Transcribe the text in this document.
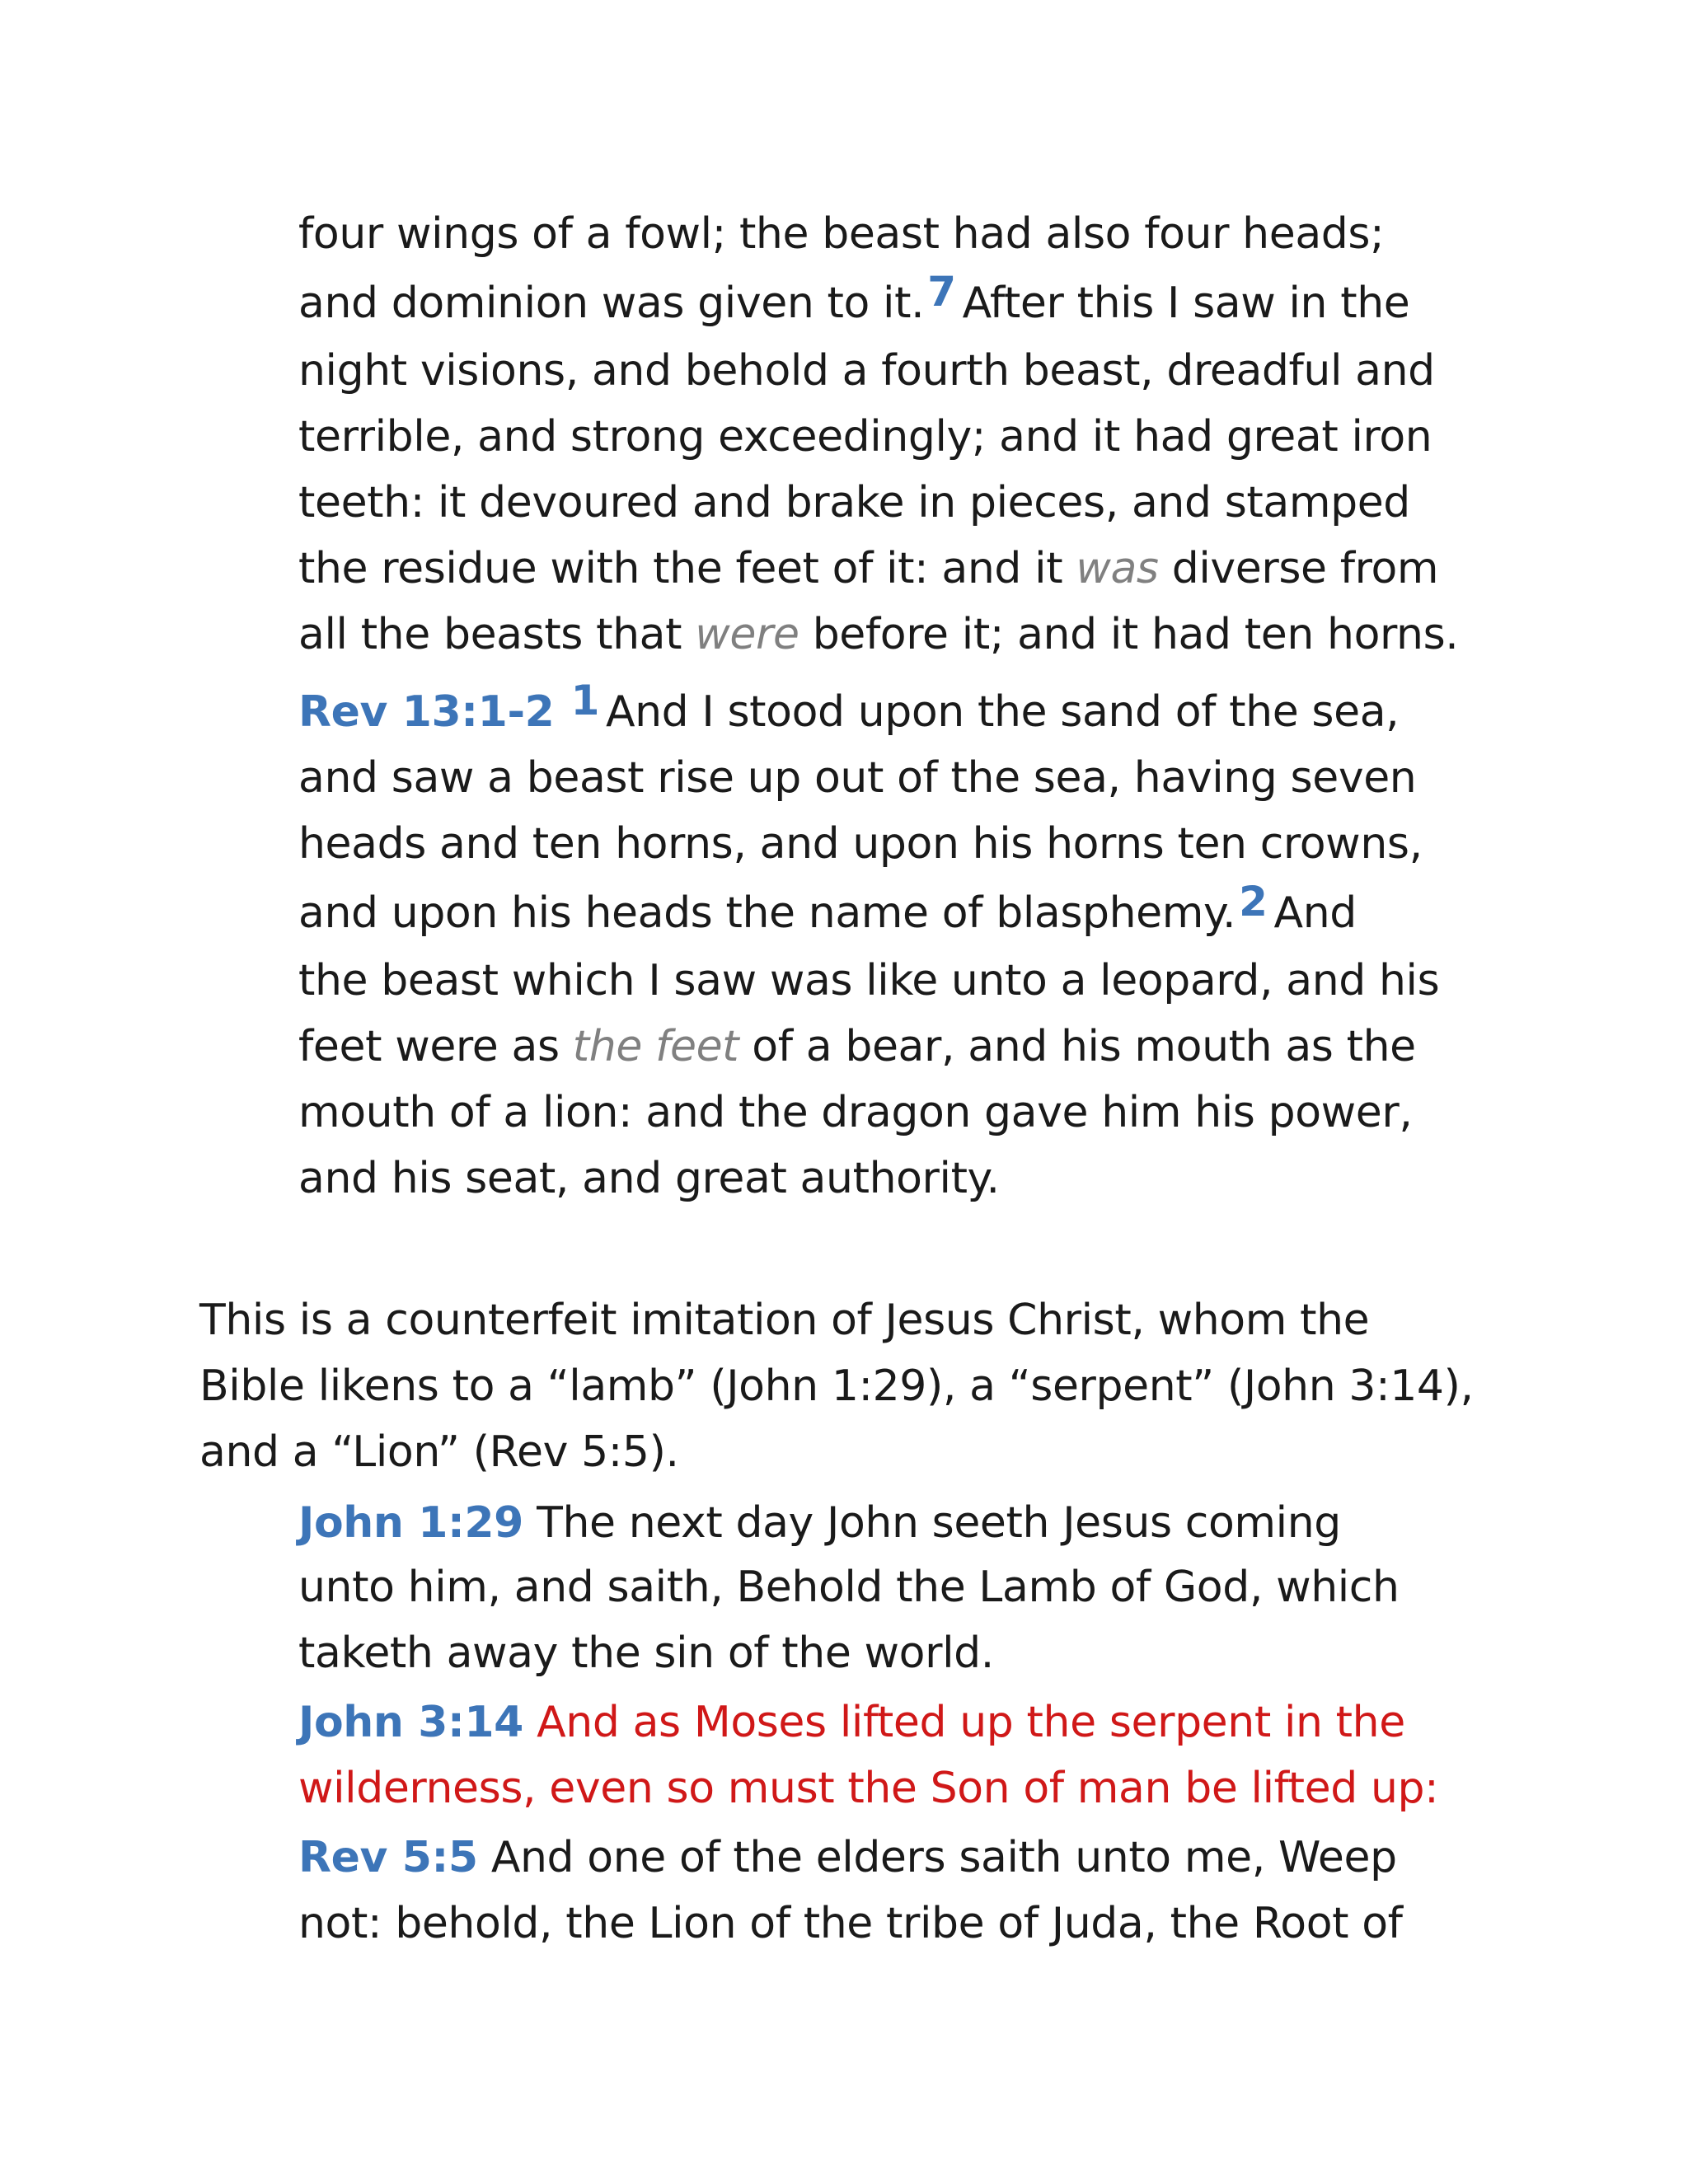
four wings of a fowl; the beast had also four heads;
and dominion was given to it.7 After this I saw in the
night visions, and behold a fourth beast, dreadful and
terrible, and strong exceedingly; and it had great iron
teeth: it devoured and brake in pieces, and stamped
the residue with the feet of it: and it was diverse from
all the beasts that were before it; and it had ten horns.
Rev 13:1-2 1 And I stood upon the sand of the sea,
and saw a beast rise up out of the sea, having seven
heads and ten horns, and upon his horns ten crowns,
and upon his heads the name of blasphemy.2 And
the beast which I saw was like unto a leopard, and his
feet were as the feet of a bear, and his mouth as the
mouth of a lion: and the dragon gave him his power,
and his seat, and great authority.
This is a counterfeit imitation of Jesus Christ, whom the
Bible likens to a “lamb” (John 1:29), a “serpent” (John 3:14),
and a “Lion” (Rev 5:5).
John 1:29 The next day John seeth Jesus coming
unto him, and saith, Behold the Lamb of God, which
taketh away the sin of the world.
John 3:14 And as Moses lifted up the serpent in the
wilderness, even so must the Son of man be lifted up:
Rev 5:5 And one of the elders saith unto me, Weep
not: behold, the Lion of the tribe of Juda, the Root of
